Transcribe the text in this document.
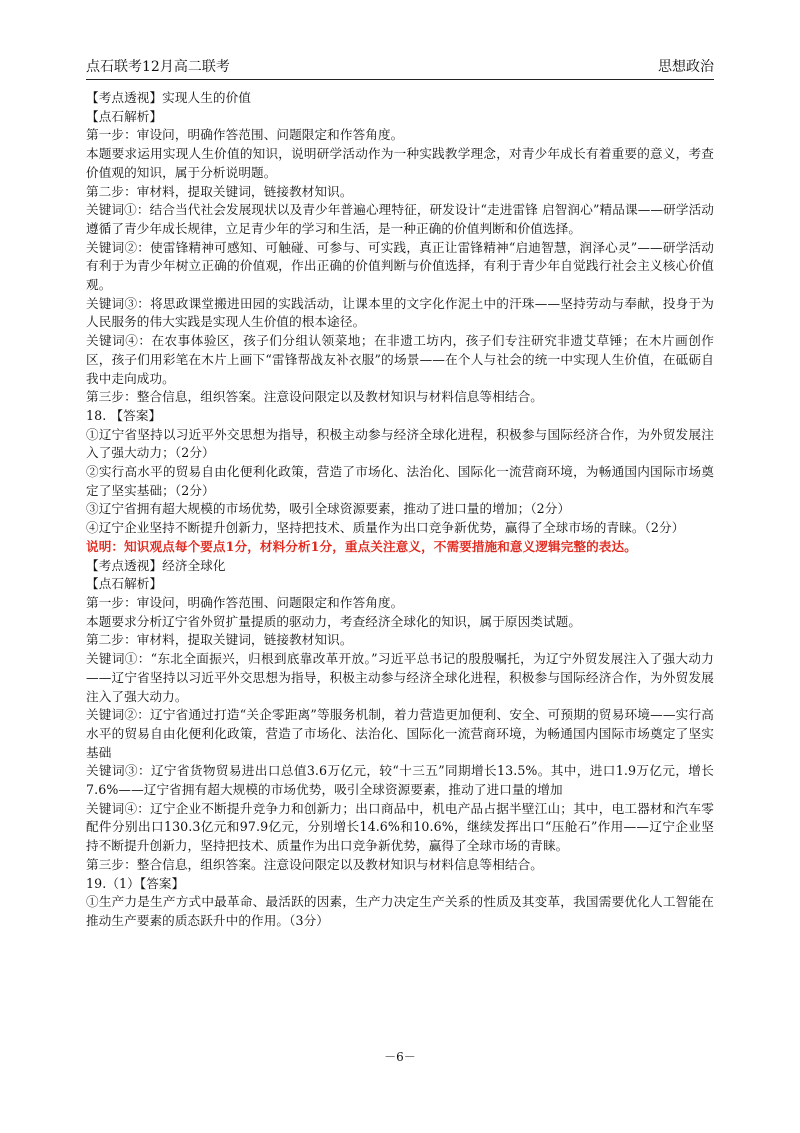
点石联考12月高二联考	思想政治

【考点透视】实现人生的价值

【点石解析】

第一步：审设问，明确作答范围、问题限定和作答角度。

本题要求运用实现人生价值的知识，说明研学活动作为一种实践教学理念，对青少年成长有着重要的意义，考查价值观的知识，属于分析说明题。

第二步：审材料，提取关键词，链接教材知识。

关键词①：结合当代社会发展现状以及青少年普遍心理特征，研发设计“走进雷锋 启智润心”精品课——研学活动遵循了青少年成长规律，立足青少年的学习和生活，是一种正确的价值判断和价值选择。

关键词②：使雷锋精神可感知、可触碰、可参与、可实践，真正让雷锋精神“启迪智慧，润泽心灵”——研学活动有利于为青少年树立正确的价值观，作出正确的价值判断与价值选择，有利于青少年自觉践行社会主义核心价值观。

关键词③：将思政课堂搬进田园的实践活动，让课本里的文字化作泥土中的汗珠——坚持劳动与奉献，投身于为人民服务的伟大实践是实现人生价值的根本途径。

关键词④：在农事体验区，孩子们分组认领菜地；在非遗工坊内，孩子们专注研究非遗艾草锤；在木片画创作区，孩子们用彩笔在木片上画下“雷锋帮战友补衣服”的场景——在个人与社会的统一中实现人生价值，在砥砺自我中走向成功。

第三步：整合信息，组织答案。注意设问限定以及教材知识与材料信息等相结合。

18. 【答案】

①辽宁省坚持以习近平外交思想为指导，积极主动参与经济全球化进程，积极参与国际经济合作，为外贸发展注入了强大动力；（2分）

②实行高水平的贸易自由化便利化政策，营造了市场化、法治化、国际化一流营商环境，为畅通国内国际市场奠定了坚实基础；（2分）

③辽宁省拥有超大规模的市场优势，吸引全球资源要素，推动了进口量的增加；（2分）

④辽宁企业坚持不断提升创新力，坚持把技术、质量作为出口竞争新优势，赢得了全球市场的青睐。（2分）

说明：知识观点每个要点1分，材料分析1分，重点关注意义，不需要措施和意义逻辑完整的表达。

【考点透视】经济全球化

【点石解析】

第一步：审设问，明确作答范围、问题限定和作答角度。

本题要求分析辽宁省外贸扩量提质的驱动力，考查经济全球化的知识，属于原因类试题。

第二步：审材料，提取关键词，链接教材知识。

关键词①：“东北全面振兴，归根到底靠改革开放。”习近平总书记的殷殷嘱托，为辽宁外贸发展注入了强大动力——辽宁省坚持以习近平外交思想为指导，积极主动参与经济全球化进程，积极参与国际经济合作，为外贸发展注入了强大动力。

关键词②：辽宁省通过打造“关企零距离”等服务机制，着力营造更加便利、安全、可预期的贸易环境——实行高水平的贸易自由化便利化政策，营造了市场化、法治化、国际化一流营商环境，为畅通国内国际市场奠定了坚实基础

关键词③：辽宁省货物贸易进出口总值3.6万亿元，较“十三五”同期增长13.5%。其中，进口1.9万亿元，增长7.6%——辽宁省拥有超大规模的市场优势，吸引全球资源要素，推动了进口量的增加

关键词④：辽宁企业不断提升竞争力和创新力；出口商品中，机电产品占据半壁江山；其中，电工器材和汽车零配件分别出口130.3亿元和97.9亿元，分别增长14.6%和10.6%，继续发挥出口“压舱石”作用——辽宁企业坚持不断提升创新力，坚持把技术、质量作为出口竞争新优势，赢得了全球市场的青睐。

第三步：整合信息，组织答案。注意设问限定以及教材知识与材料信息等相结合。

19.（1）【答案】

①生产力是生产方式中最革命、最活跃的因素，生产力决定生产关系的性质及其变革，我国需要优化人工智能在推动生产要素的质态跃升中的作用。（3分）

－6－
